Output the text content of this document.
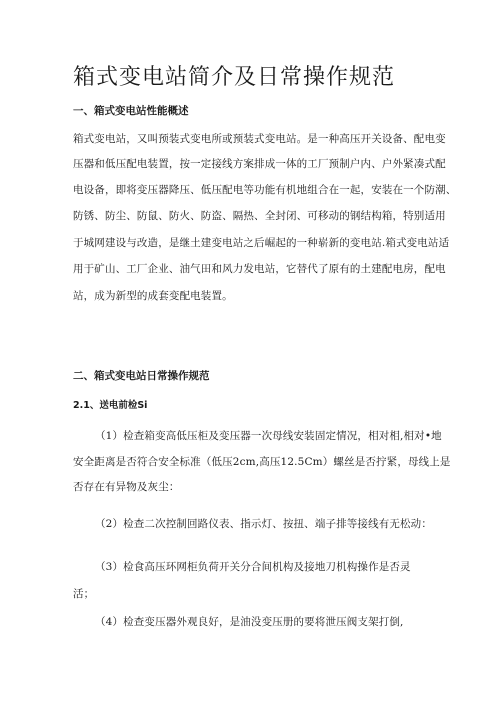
箱式变电站简介及日常操作规范
一、箱式变电站性能概述

箱式变电站，又叫预装式变电所或预装式变电站。是一种高压开关设备、配电变

压器和低压配电装置，按一定接线方案排成一体的工厂预制户内、户外紧凑式配

电设备，即将变压器降压、低压配电等功能有机地组合在一起，安装在一个防潮、

防锈、防尘、防鼠、防火、防盗、隔热、全封闭、可移动的钢结构箱，特别适用

于城网建设与改造，是继土建变电站之后崛起的一种崭新的变电站.箱式变电站适

用于矿山、工厂企业、油气田和风力发电站，它替代了原有的土建配电房，配电

站，成为新型的成套变配电装置。

二、箱式变电站日常操作规范
2.1、送电前检Si

（1）检查箱变高低压柜及变压器一次母线安装固定情况，相对相,相对•地

安全距离是否符合安全标准（低压2cm,高压12.5Cm）螺丝是否拧紧，母线上是

否存在有异物及灰尘：

（2）检查二次控制回路仪表、指示灯、按扭、端子排等接线有无松动：

（3）检食高压环网柜负荷开关分合间机构及接地刀机构操作是否灵

活；

（4）检查变压器外观良好，是油没变压册的要将泄压阀支架打倒,
